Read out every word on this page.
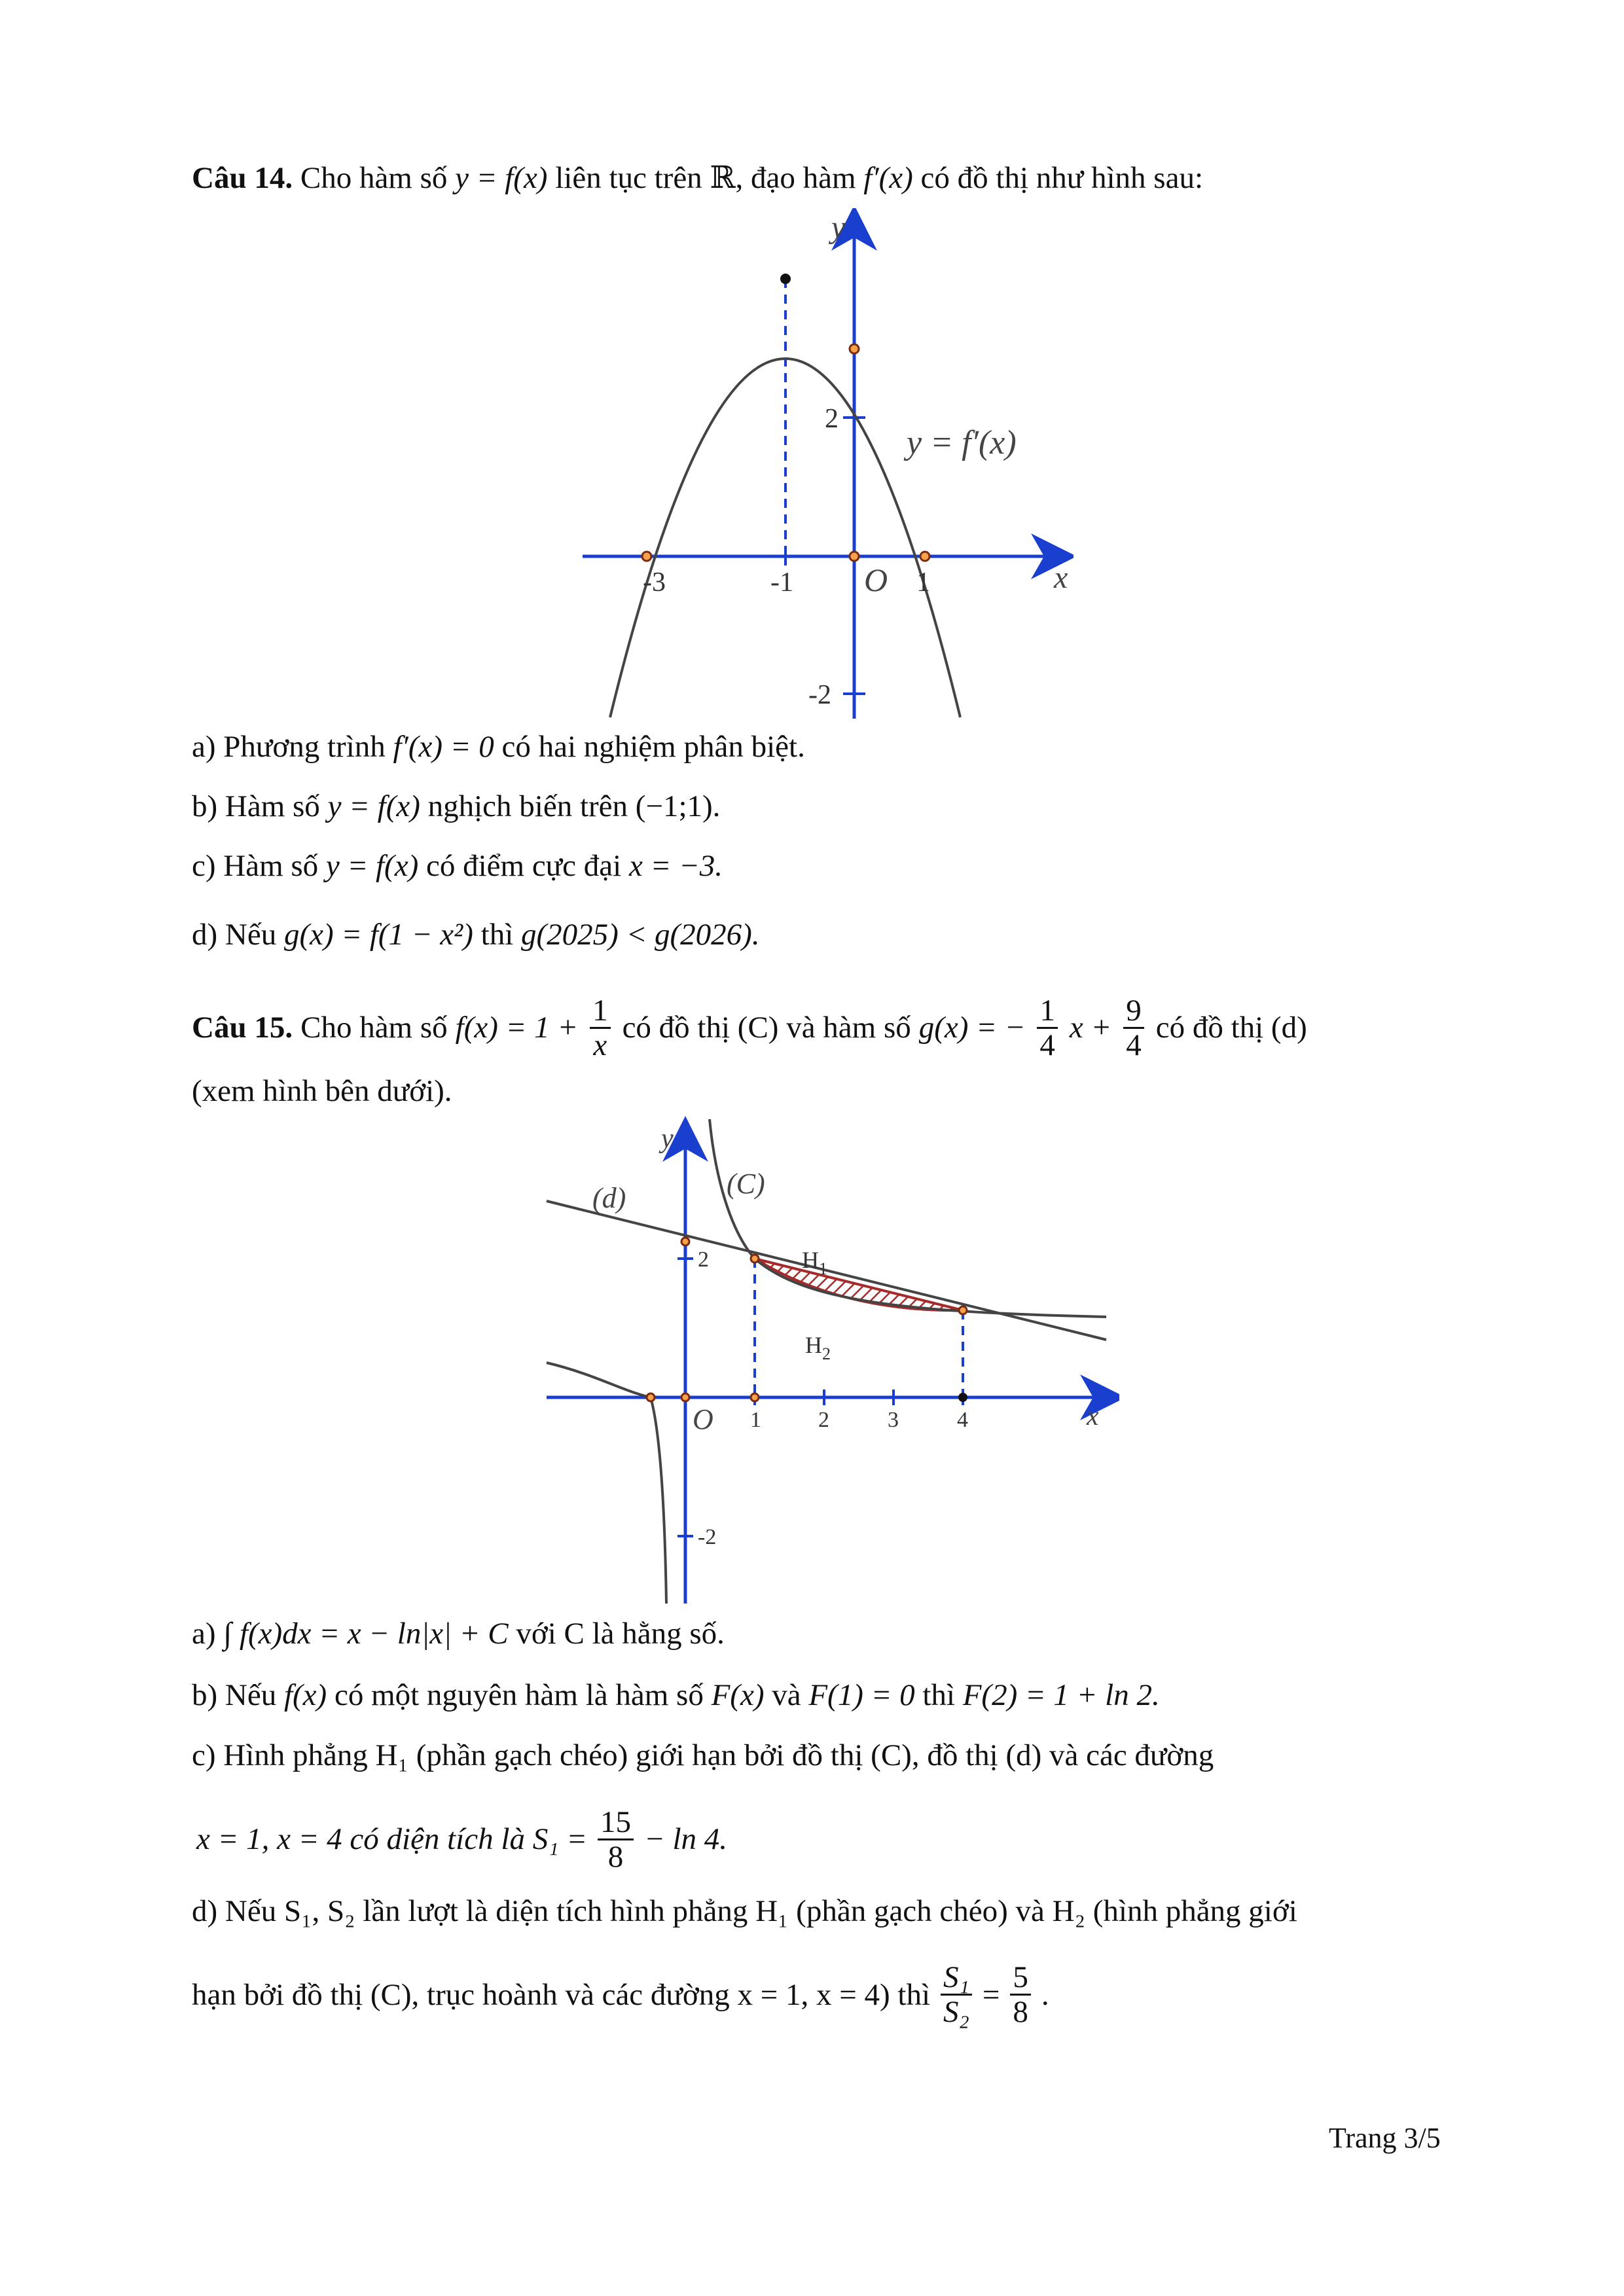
Câu 14. Cho hàm số y = f(x) liên tục trên ℝ, đạo hàm f′(x) có đồ thị như hình sau:
y
x
O
-3	-1	1
2
-2
y = f′(x)
a) Phương trình f′(x) = 0 có hai nghiệm phân biệt.
b) Hàm số y = f(x) nghịch biến trên (−1;1).
c) Hàm số y = f(x) có điểm cực đại x = −3.
d) Nếu g(x) = f(1 − x²) thì g(2025) < g(2026).
Câu 15. Cho hàm số $f(x) = 1 + \frac{1}{x}$ có đồ thị (C) và hàm số g(x) = − $\frac{1}{4}$ $x + \frac{9}{4}$ có đồ thị (d)
(xem hình bên dưới).
y
x
O
(d)	(C)
$H_1$
$H_2$
1	2	3	4
2
-2
a) ∫ f(x)dx = x − ln|x| + C với C là hằng số.
b) Nếu f(x) có một nguyên hàm là hàm số F(x) và F(1) = 0 thì F(2) = 1 + ln 2.
c) Hình phẳng H₁ (phần gạch chéo) giới hạn bởi đồ thị (C), đồ thị (d) và các đường
x = 1, x = 4 có diện tích là $S_1 = \frac{15}{8} - \ln 4$.
d) Nếu S₁, S₂ lần lượt là diện tích hình phẳng H₁ (phần gạch chéo) và H₂ (hình phẳng giới
hạn bởi đồ thị (C), trục hoành và các đường x = 1, x = 4) thì $\frac{\text{S₁}}{\text{S₂}} = \frac{5}{8}$ .
Trang 3/5
